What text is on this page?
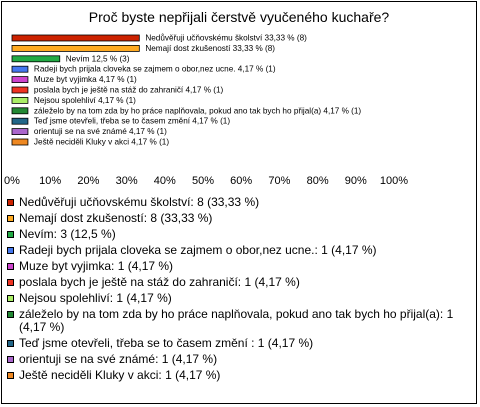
Proč byste nepřijali čerstvě vyučeného kuchaře?
0% 10% 20% 30% 40% 50% 60% 70% 80% 90% 100%
Nedůvěřuji učňovskému školství 33,33 % (8)
Nemají dost zkušeností 33,33 % (8)
Nevím 12,5 % (3)
Radeji bych prijala cloveka se zajmem o obor,nez ucne. 4,17 % (1)
Muze byt vyjimka 4,17 % (1)
poslala bych je ještě na stáž do zahraničí 4,17 % (1)
Nejsou spolehliví 4,17 % (1)
záleželo by na tom zda by ho práce naplňovala, pokud ano tak bych ho přijal(a) 4,17 % (1)
Teď jsme otevřeli, třeba se to časem změní 4,17 % (1)
orientuji se na své známé 4,17 % (1)
Ještě neciděli Kluky v akci 4,17 % (1)
Nedůvěřuji učňovskému školství: 8 (33,33 %)
Nemají dost zkušeností: 8 (33,33 %)
Nevím: 3 (12,5 %)
Radeji bych prijala cloveka se zajmem o obor,nez ucne.: 1 (4,17 %)
Muze byt vyjimka: 1 (4,17 %)
poslala bych je ještě na stáž do zahraničí: 1 (4,17 %)
Nejsou spolehliví: 1 (4,17 %)
záleželo by na tom zda by ho práce naplňovala, pokud ano tak bych ho přijal(a): 1 (4,17 %)
Teď jsme otevřeli, třeba se to časem změní : 1 (4,17 %)
orientuji se na své známé: 1 (4,17 %)
Ještě neciděli Kluky v akci: 1 (4,17 %)
